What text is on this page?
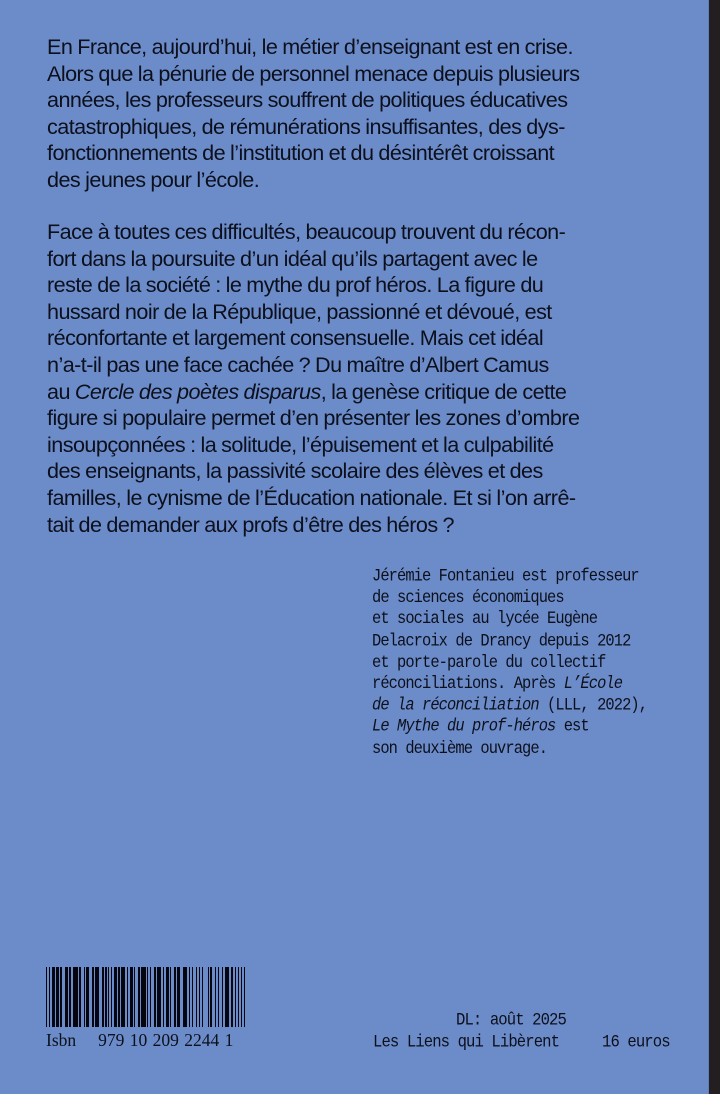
En France, aujourd’hui, le métier d’enseignant est en crise.
Alors que la pénurie de personnel menace depuis plusieurs
années, les professeurs souffrent de politiques éducatives
catastrophiques, de rémunérations insuffisantes, des dys-
fonctionnements de l’institution et du désintérêt croissant
des jeunes pour l’école.
Face à toutes ces difficultés, beaucoup trouvent du récon-
fort dans la poursuite d’un idéal qu’ils partagent avec le
reste de la société : le mythe du prof héros. La figure du
hussard noir de la République, passionné et dévoué, est
réconfortante et largement consensuelle. Mais cet idéal
n’a-t-il pas une face cachée ? Du maître d’Albert Camus
au Cercle des poètes disparus, la genèse critique de cette
figure si populaire permet d’en présenter les zones d’ombre
insoupçonnées : la solitude, l’épuisement et la culpabilité
des enseignants, la passivité scolaire des élèves et des
familles, le cynisme de l’Éducation nationale. Et si l’on arrê-
tait de demander aux profs d’être des héros ?
Jérémie Fontanieu est professeur
de sciences économiques
et sociales au lycée Eugène
Delacroix de Drancy depuis 2012
et porte-parole du collectif
réconciliations. Après L’École
de la réconciliation (LLL, 2022),
Le Mythe du prof-héros est
son deuxième ouvrage.
Isbn 979 10 209 2244 1
DL: août 2025
Les Liens qui Libèrent	16 euros
